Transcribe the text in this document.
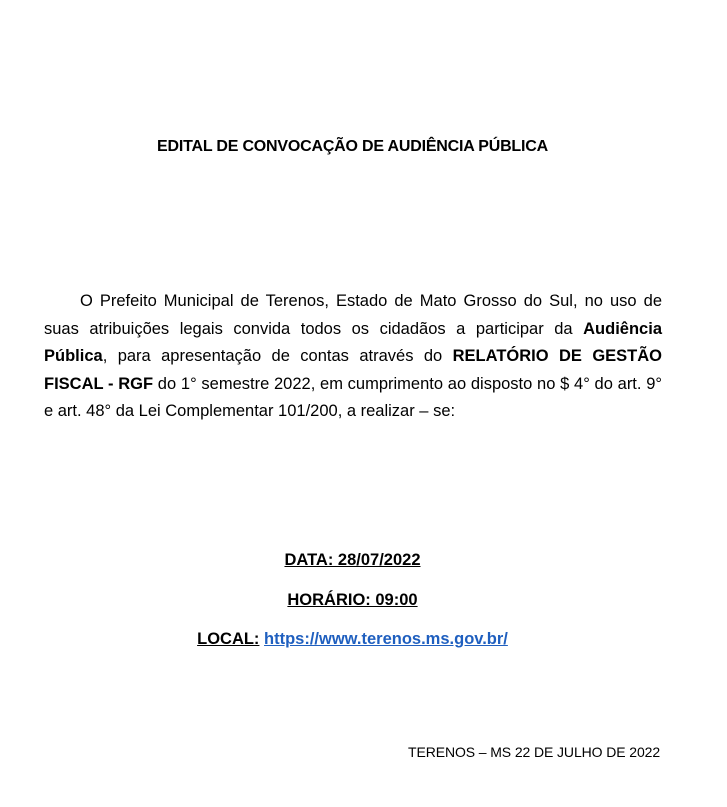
EDITAL DE CONVOCAÇÃO DE AUDIÊNCIA PÚBLICA
O Prefeito Municipal de Terenos, Estado de Mato Grosso do Sul, no uso de suas atribuições legais convida todos os cidadãos a participar da Audiência Pública, para apresentação de contas através do RELATÓRIO DE GESTÃO FISCAL - RGF do 1° semestre 2022, em cumprimento ao disposto no $ 4° do art. 9° e art. 48° da Lei Complementar 101/200, a realizar – se:
DATA: 28/07/2022
HORÁRIO: 09:00
LOCAL: https://www.terenos.ms.gov.br/
TERENOS – MS 22 DE JULHO DE 2022
